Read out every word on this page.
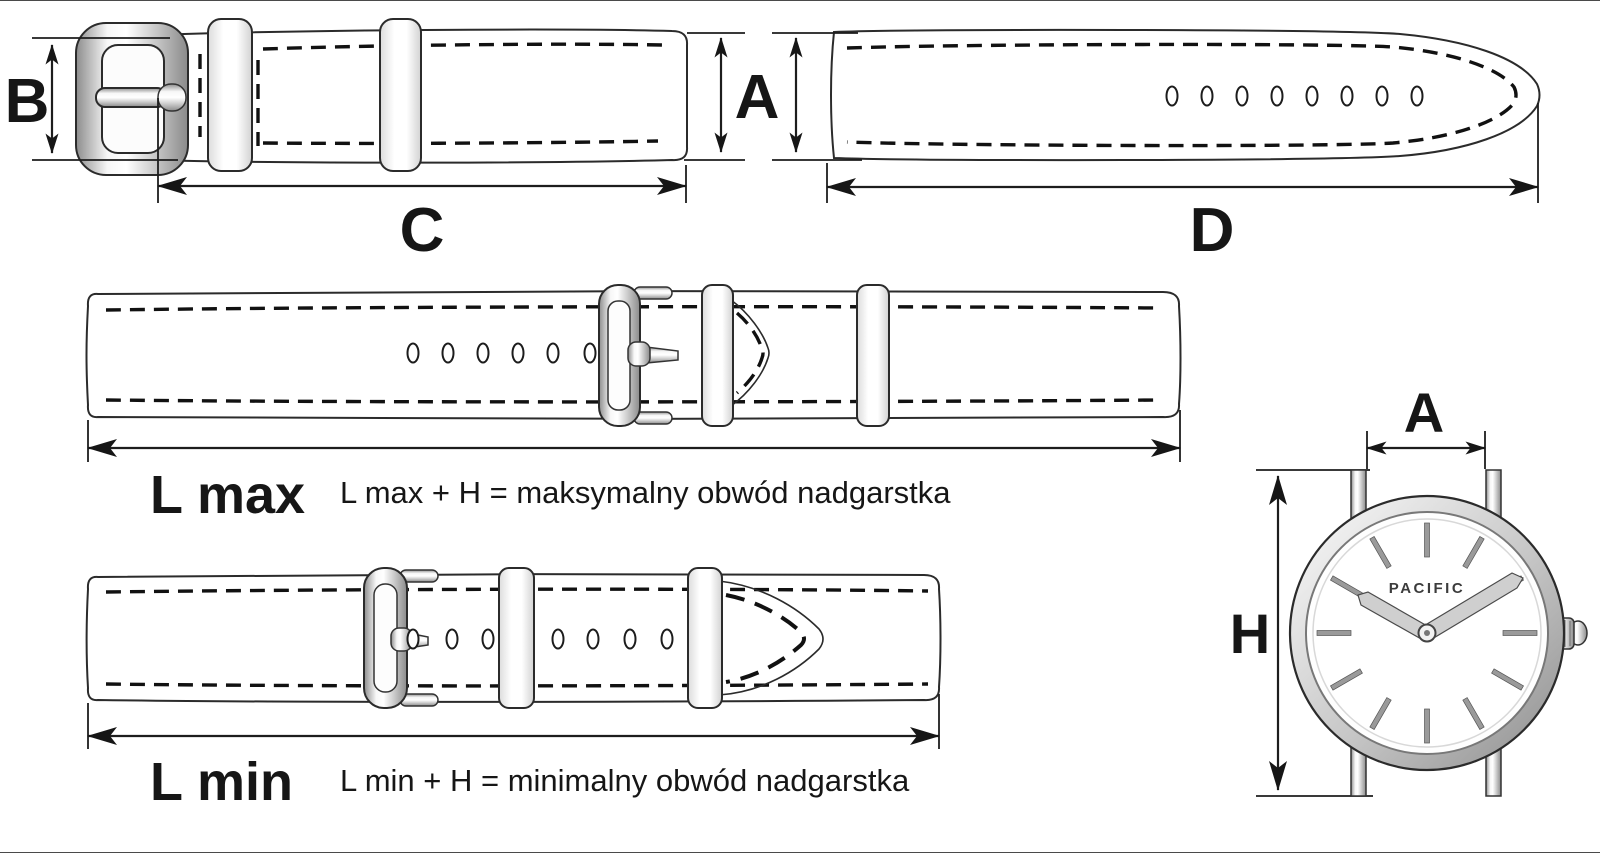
B
C
A
D
L max L max + H = maksymalny obwód nadgarstka
L min L min + H = minimalny obwód nadgarstka
H
A
PACIFIC
